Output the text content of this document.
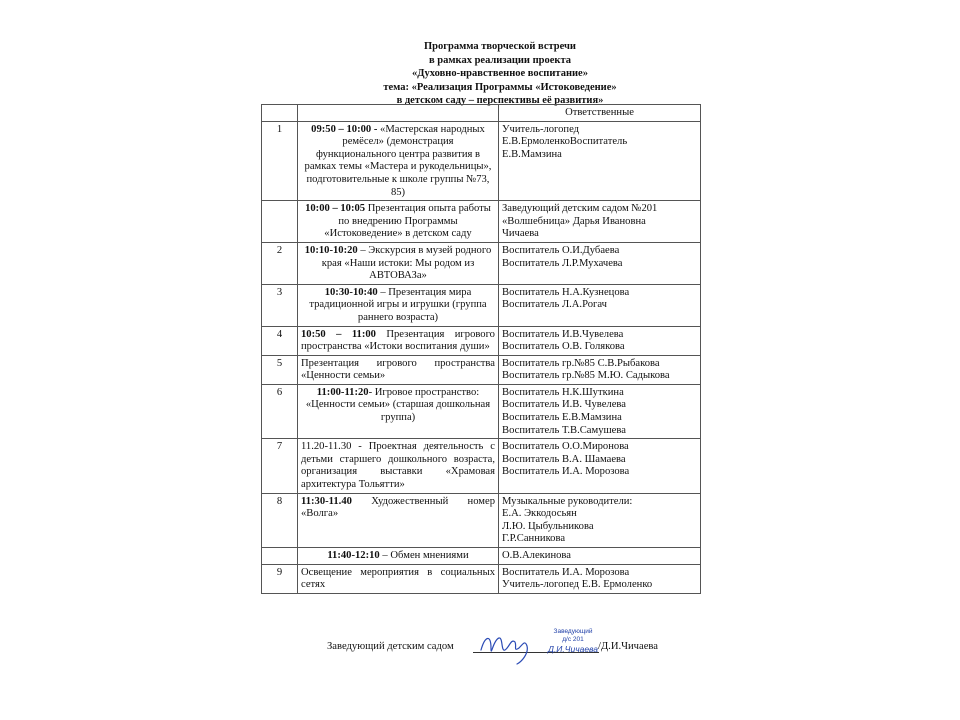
Программа творческой встречи
в рамках реализации проекта
«Духовно-нравственное воспитание»
тема: «Реализация Программы «Истоковедение»
в детском саду – перспективы её развития»
		Ответственные
1	09:50 – 10:00 - «Мастерская народных ремёсел» (демонстрация функционального центра развития в рамках темы «Мастера и рукодельницы», подготовительные к школе группы №73, 85)	Учитель-логопед
Е.В.ЕрмоленкоВоспитатель
Е.В.Мамзина

	10:00 – 10:05 Презентация опыта работы по внедрению Программы «Истоковедение» в детском саду	Заведующий детским садом №201
«Волшебница» Дарья Ивановна
Чичаева

2	10:10-10:20 – Экскурсия в музей родного края «Наши истоки: Мы родом из АВТОВАЗа»	Воспитатель О.И.Дубаева
Воспитатель Л.Р.Мухачева

3	10:30-10:40 – Презентация мира традиционной игры и игрушки (группа раннего возраста)	Воспитатель Н.А.Кузнецова
Воспитатель Л.А.Рогач

4	10:50 – 11:00 Презентация игрового пространства «Истоки воспитания души»	Воспитатель И.В.Чувелева
Воспитатель О.В. Голякова

5	Презентация игрового пространства «Ценности семьи»	Воспитатель гр.№85 С.В.Рыбакова
Воспитатель гр.№85 М.Ю. Садыкова

6	11:00-11:20- Игровое пространство: «Ценности семьи» (старшая дошкольная группа)	Воспитатель Н.К.Шуткина
Воспитатель И.В. Чувелева
Воспитатель Е.В.Мамзина
Воспитатель Т.В.Самушева

7	11.20-11.30 - Проектная деятельность с детьми старшего дошкольного возраста, организация выставки «Храмовая архитектура Тольятти»	Воспитатель О.О.Миронова
Воспитатель В.А. Шамаева
Воспитатель И.А. Морозова

8	11:30-11.40 Художественный номер «Волга»	Музыкальные руководители:
Е.А. Эккодосьян
Л.Ю. Цыбульникова
Г.Р.Санникова

	11:40-12:10 – Обмен мнениями	О.В.Алекинова

9	Освещение мероприятия в социальных сетях	Воспитатель И.А. Морозова
Учитель-логопед Е.В. Ермоленко
Заведующий детским садом
Заведующий
д/с 201
Д.И.Чичаева /Д.И.Чичаева
